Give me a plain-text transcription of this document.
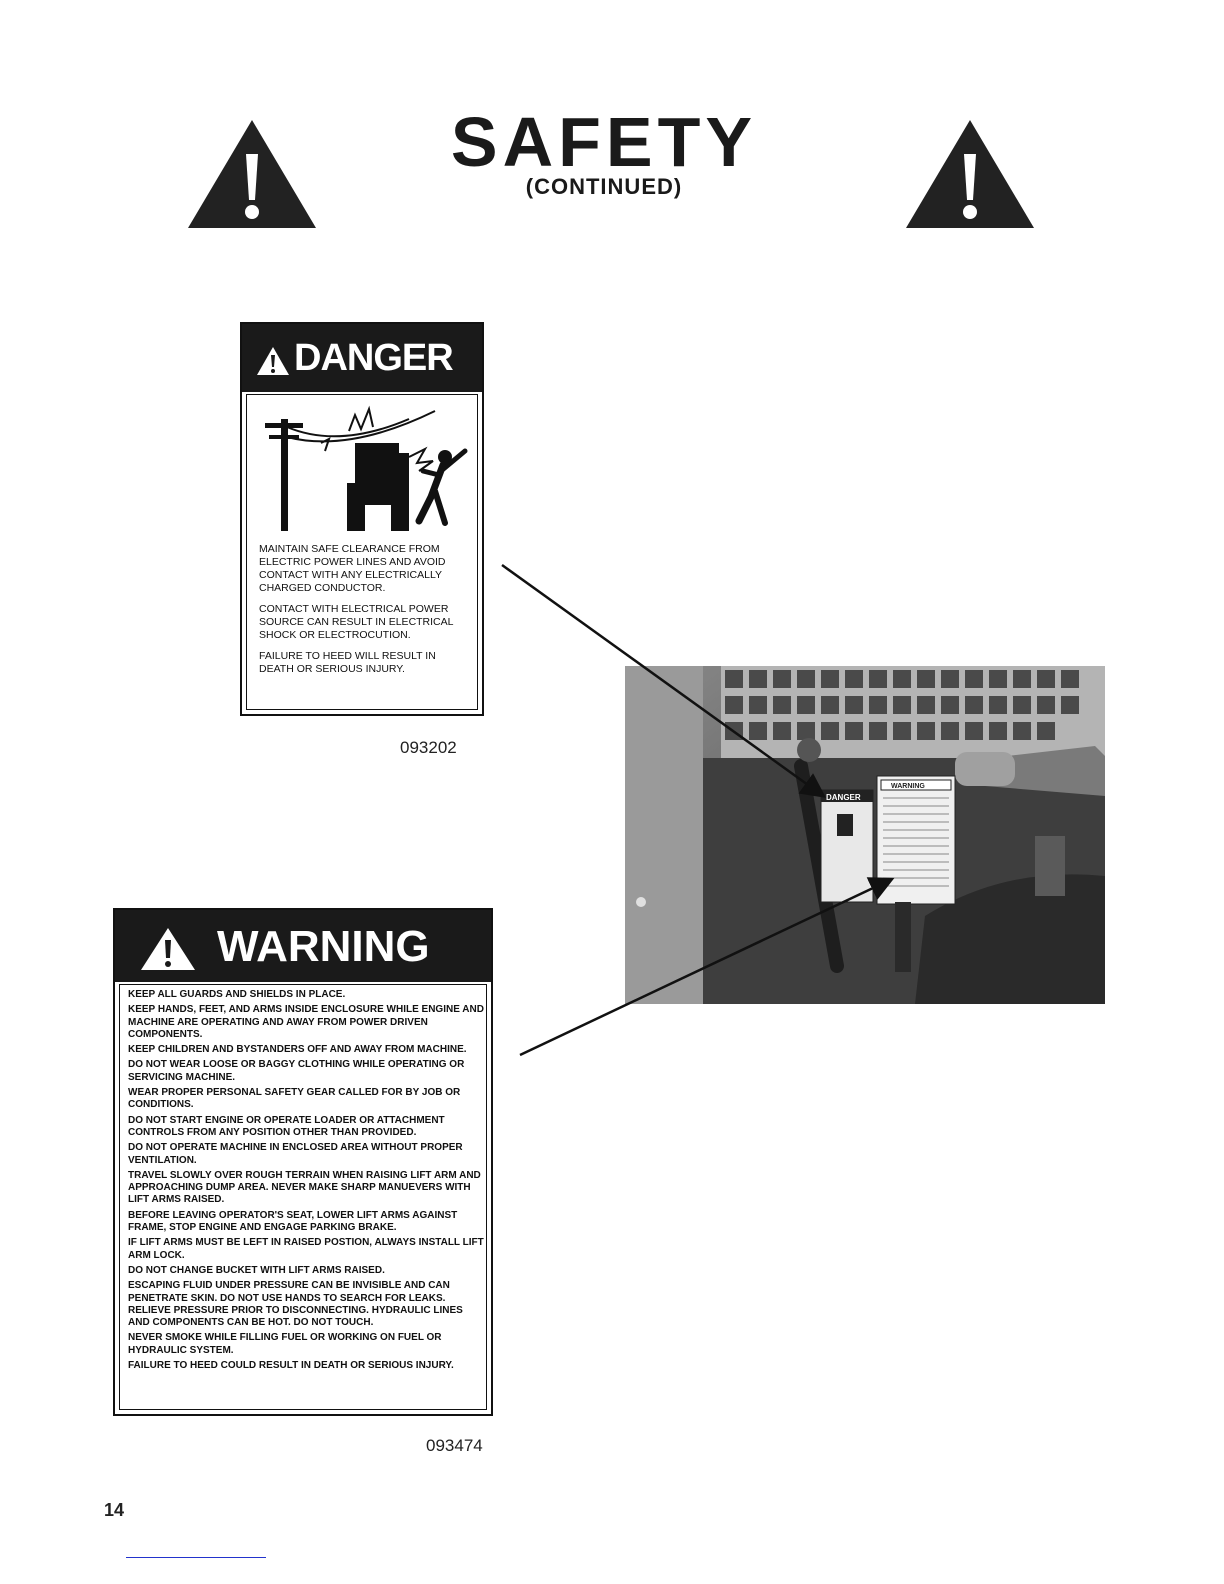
SAFETY
(CONTINUED)
DANGER

MAINTAIN SAFE CLEARANCE FROM ELECTRIC POWER LINES AND AVOID CONTACT WITH ANY ELECTRICALLY CHARGED CONDUCTOR.

CONTACT WITH ELECTRICAL POWER SOURCE CAN RESULT IN ELECTRICAL SHOCK OR ELECTROCUTION.

FAILURE TO HEED WILL RESULT IN DEATH OR SERIOUS INJURY.

093202
DANGER
WARNING
WARNING
KEEP ALL GUARDS AND SHIELDS IN PLACE.
KEEP HANDS, FEET, AND ARMS INSIDE ENCLOSURE WHILE ENGINE AND MACHINE ARE OPERATING AND AWAY FROM POWER DRIVEN COMPONENTS.
KEEP CHILDREN AND BYSTANDERS OFF AND AWAY FROM MACHINE.
DO NOT WEAR LOOSE OR BAGGY CLOTHING WHILE OPERATING OR SERVICING MACHINE.
WEAR PROPER PERSONAL SAFETY GEAR CALLED FOR BY JOB OR CONDITIONS.
DO NOT START ENGINE OR OPERATE LOADER OR ATTACHMENT CONTROLS FROM ANY POSITION OTHER THAN PROVIDED.
DO NOT OPERATE MACHINE IN ENCLOSED AREA WITHOUT PROPER VENTILATION.
TRAVEL SLOWLY OVER ROUGH TERRAIN WHEN RAISING LIFT ARM AND APPROACHING DUMP AREA. NEVER MAKE SHARP MANUEVERS WITH LIFT ARMS RAISED.
BEFORE LEAVING OPERATOR'S SEAT, LOWER LIFT ARMS AGAINST FRAME, STOP ENGINE AND ENGAGE PARKING BRAKE.
IF LIFT ARMS MUST BE LEFT IN RAISED POSTION, ALWAYS INSTALL LIFT ARM LOCK.
DO NOT CHANGE BUCKET WITH LIFT ARMS RAISED.
ESCAPING FLUID UNDER PRESSURE CAN BE INVISIBLE AND CAN PENETRATE SKIN. DO NOT USE HANDS TO SEARCH FOR LEAKS. RELIEVE PRESSURE PRIOR TO DISCONNECTING. HYDRAULIC LINES AND COMPONENTS CAN BE HOT. DO NOT TOUCH.
NEVER SMOKE WHILE FILLING FUEL OR WORKING ON FUEL OR HYDRAULIC SYSTEM.
FAILURE TO HEED COULD RESULT IN DEATH OR SERIOUS INJURY.
093474
14
